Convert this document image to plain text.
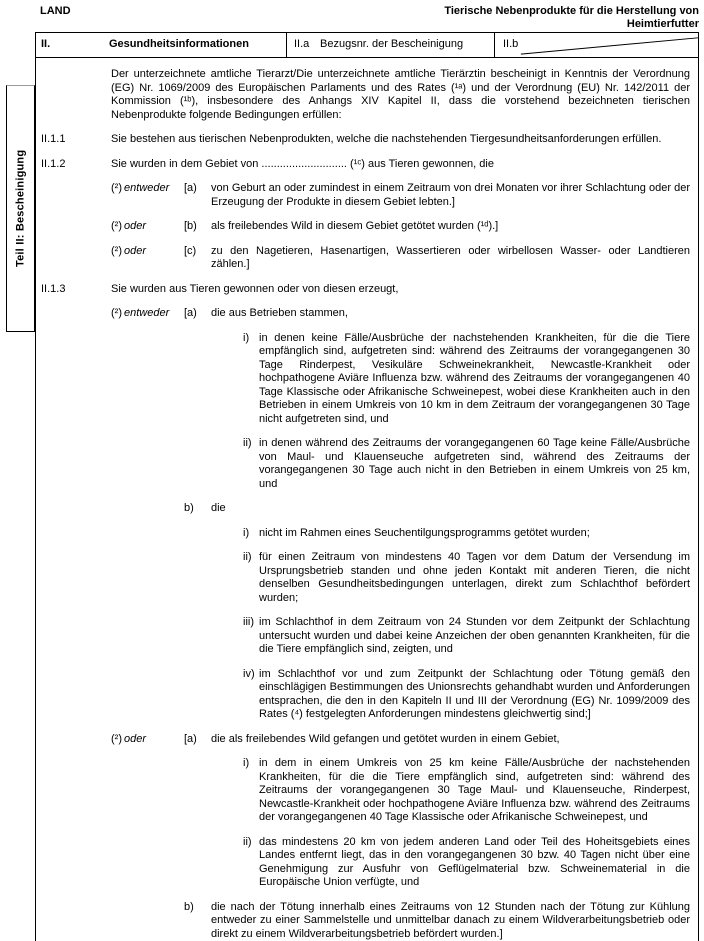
LAND	Tierische Nebenprodukte für die Herstellung von
Heimtierfutter
Teil II: Bescheinigung
II.	Gesundheitsinformationen	II.a Bezugsnr. der Bescheinigung	II.b
Der unterzeichnete amtliche Tierarzt/Die unterzeichnete amtliche Tierärztin bescheinigt in Kenntnis der Verordnung (EG) Nr. 1069/2009 des Europäischen Parlaments und des Rates (¹ᵃ) und der Verordnung (EU) Nr. 142/2011 der Kommission (¹ᵇ), insbesondere des Anhangs XIV Kapitel II, dass die vorstehend bezeichneten tierischen Nebenprodukte folgende Bedingungen erfüllen:
II.1.1	Sie bestehen aus tierischen Nebenprodukten, welche die nachstehenden Tiergesundheitsanforderungen erfüllen.
II.1.2	Sie wurden in dem Gebiet von ............................ (¹ᶜ) aus Tieren gewonnen, die
(²) entweder	[a)	von Geburt an oder zumindest in einem Zeitraum von drei Monaten vor ihrer Schlachtung oder der Erzeugung der Produkte in diesem Gebiet lebten.]
(²) oder	[b)	als freilebendes Wild in diesem Gebiet getötet wurden (¹ᵈ).]
(²) oder	[c)	zu den Nagetieren, Hasenartigen, Wassertieren oder wirbellosen Wasser- oder Landtieren zählen.]
II.1.3	Sie wurden aus Tieren gewonnen oder von diesen erzeugt,
(²) entweder	[a)	die aus Betrieben stammen,
i) in denen keine Fälle/Ausbrüche der nachstehenden Krankheiten, für die die Tiere empfänglich sind, aufgetreten sind: während des Zeitraums der vorangegangenen 30 Tage Rinderpest, Vesikuläre Schweinekrankheit, Newcastle-Krankheit oder hochpathogene Aviäre Influenza bzw. während des Zeitraums der vorangegangenen 40 Tage Klassische oder Afrikanische Schweinepest, wobei diese Krankheiten auch in den Betrieben in einem Umkreis von 10 km in dem Zeitraum der vorangegangenen 30 Tage nicht aufgetreten sind, und
ii) in denen während des Zeitraums der vorangegangenen 60 Tage keine Fälle/Ausbrüche von Maul- und Klauenseuche aufgetreten sind, während des Zeitraums der vorangegangenen 30 Tage auch nicht in den Betrieben in einem Umkreis von 25 km, und
b)	die
i) nicht im Rahmen eines Seuchentilgungsprogramms getötet wurden;
ii) für einen Zeitraum von mindestens 40 Tagen vor dem Datum der Versendung im Ursprungsbetrieb standen und ohne jeden Kontakt mit anderen Tieren, die nicht denselben Gesundheitsbedingungen unterlagen, direkt zum Schlachthof befördert wurden;
iii) im Schlachthof in dem Zeitraum von 24 Stunden vor dem Zeitpunkt der Schlachtung untersucht wurden und dabei keine Anzeichen der oben genannten Krankheiten, für die die Tiere empfänglich sind, zeigten, und
iv) im Schlachthof vor und zum Zeitpunkt der Schlachtung oder Tötung gemäß den einschlägigen Bestimmungen des Unionsrechts gehandhabt wurden und Anforderungen entsprachen, die den in den Kapiteln II und III der Verordnung (EG) Nr. 1099/2009 des Rates (⁴) festgelegten Anforderungen mindestens gleichwertig sind;]
(²) oder	[a)	die als freilebendes Wild gefangen und getötet wurden in einem Gebiet,
i) in dem in einem Umkreis von 25 km keine Fälle/Ausbrüche der nachstehenden Krankheiten, für die die Tiere empfänglich sind, aufgetreten sind: während des Zeitraums der vorangegangenen 30 Tage Maul- und Klauenseuche, Rinderpest, Newcastle-Krankheit oder hochpathogene Aviäre Influenza bzw. während des Zeitraums der vorangegangenen 40 Tage Klassische oder Afrikanische Schweinepest, und
ii) das mindestens 20 km von jedem anderen Land oder Teil des Hoheitsgebiets eines Landes entfernt liegt, das in den vorangegangenen 30 bzw. 40 Tagen nicht über eine Genehmigung zur Ausfuhr von Geflügelmaterial bzw. Schweinematerial in die Europäische Union verfügte, und
b)	die nach der Tötung innerhalb eines Zeitraums von 12 Stunden nach der Tötung zur Kühlung entweder zu einer Sammelstelle und unmittelbar danach zu einem Wildverarbeitungsbetrieb oder direkt zu einem Wildverarbeitungsbetrieb befördert wurden.]
